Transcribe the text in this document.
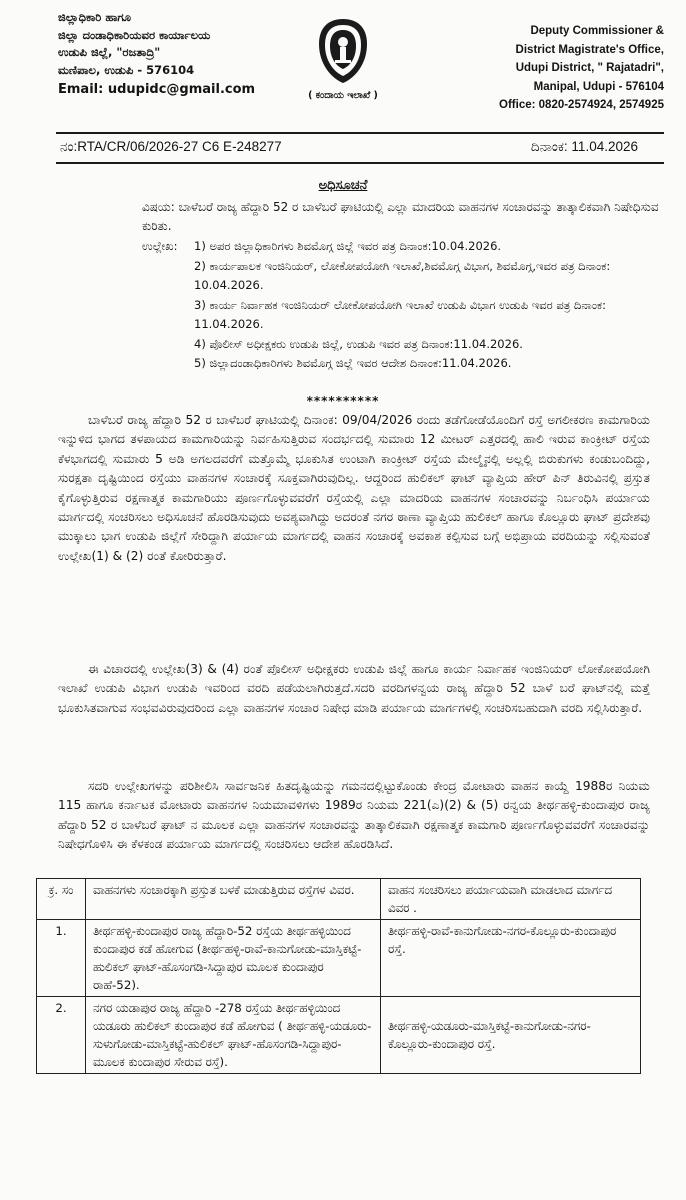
ಜಿಲ್ಲಾಧಿಕಾರಿ ಹಾಗೂ
ಜಿಲ್ಲಾ ದಂಡಾಧಿಕಾರಿಯವರ ಕಾರ್ಯಾಲಯ
ಉಡುಪಿ ಜಿಲ್ಲೆ, "ರಜತಾದ್ರಿ"
ಮಣಿಪಾಲ, ಉಡುಪಿ - 576104
Email: udupidc@gmail.com	( ಕಂದಾಯ ಇಲಾಖೆ )
Deputy Commissioner &
District Magistrate's Office,
Udupi District, " Rajatadri",
Manipal, Udupi - 576104
Office: 0820-2574924, 2574925
ನಂ:RTA/CR/06/2026-27 C6 E-248277	ದಿನಾಂಕ: 11.04.2026
ಅಧಿಸೂಚನೆ
ವಿಷಯ: ಬಾಳೆಬರೆ ರಾಜ್ಯ ಹೆದ್ದಾರಿ 52 ರ ಬಾಳೆಬರೆ ಘಾಟಿಯಲ್ಲಿ ಎಲ್ಲಾ ಮಾದರಿಯ ವಾಹನಗಳ ಸಂಚಾರವನ್ನು ತಾತ್ಕಾಲಿಕವಾಗಿ ನಿಷೇಧಿಸುವ ಕುರಿತು.
ಉಲ್ಲೇಖ: 1) ಅಪರ ಜಿಲ್ಲಾಧಿಕಾರಿಗಳು ಶಿವಮೊಗ್ಗ ಜಿಲ್ಲೆ ಇವರ ಪತ್ರ ದಿನಾಂಕ:10.04.2026.
2) ಕಾರ್ಯಪಾಲಕ ಇಂಜಿನಿಯರ್, ಲೋಕೋಪಯೋಗಿ ಇಲಾಖೆ,ಶಿವಮೊಗ್ಗ ವಿಭಾಗ, ಶಿವಮೊಗ್ಗ,ಇವರ ಪತ್ರ ದಿನಾಂಕ: 10.04.2026.
3) ಕಾರ್ಯ ನಿರ್ವಾಹಕ ಇಂಜಿನಿಯರ್ ಲೋಕೋಪಯೋಗಿ ಇಲಾಖೆ ಉಡುಪಿ ವಿಭಾಗ ಉಡುಪಿ ಇವರ ಪತ್ರ ದಿನಾಂಕ: 11.04.2026.
4) ಪೊಲೀಸ್ ಅಧೀಕ್ಷಕರು ಉಡುಪಿ ಜಿಲ್ಲೆ, ಉಡುಪಿ ಇವರ ಪತ್ರ ದಿನಾಂಕ:11.04.2026.
5) ಜಿಲ್ಲಾದಂಡಾಧಿಕಾರಿಗಳು ಶಿವಮೊಗ್ಗ ಜಿಲ್ಲೆ ಇವರ ಆದೇಶ ದಿನಾಂಕ:11.04.2026.
**********

ಬಾಳೆಬರೆ ರಾಜ್ಯ ಹೆದ್ದಾರಿ 52 ರ ಬಾಳೆಬರೆ ಘಾಟಿಯಲ್ಲಿ ದಿನಾಂಕ: 09/04/2026 ರಂದು ತಡೆಗೋಡೆಯೊಂದಿಗೆ ರಸ್ತೆ ಅಗಲೀಕರಣ ಕಾಮಗಾರಿಯ ಇನ್ನುಳಿದ ಭಾಗದ ತಳಪಾಯದ ಕಾಮಗಾರಿಯನ್ನು ನಿರ್ವಹಿಸುತ್ತಿರುವ ಸಂದರ್ಭದಲ್ಲಿ ಸುಮಾರು 12 ಮೀಟರ್ ಎತ್ತರದಲ್ಲಿ ಹಾಲಿ ಇರುವ ಕಾಂಕ್ರೀಟ್ ರಸ್ತೆಯ ಕೆಳಭಾಗದಲ್ಲಿ ಸುಮಾರು 5 ಅಡಿ ಅಗಲದವರೆಗೆ ಮತ್ತೊಮ್ಮೆ ಭೂಕುಸಿತ ಉಂಟಾಗಿ ಕಾಂಕ್ರೀಟ್ ರಸ್ತೆಯ ಮೇಲ್ಮೈನಲ್ಲಿ ಅಲ್ಲಲ್ಲಿ ಬಿರುಕುಗಳು ಕಂಡುಬಂದಿದ್ದು, ಸುರಕ್ಷತಾ ದೃಷ್ಟಿಯಿಂದ ರಸ್ತೆಯು ವಾಹನಗಳ ಸಂಚಾರಕ್ಕೆ ಸೂಕ್ತವಾಗಿರುವುದಿಲ್ಲ. ಆದ್ದರಿಂದ ಹುಲಿಕಲ್ ಘಾಟ್ ವ್ಯಾಪ್ತಿಯ ಹೇರ್ ಪಿನ್ ತಿರುವಿನಲ್ಲಿ ಪ್ರಸ್ತುತ ಕೈಗೊಳ್ಳುತ್ತಿರುವ ರಕ್ಷಣಾತ್ಮಕ ಕಾಮಗಾರಿಯು ಪೂರ್ಣಗೊಳ್ಳುವವರೆಗೆ ರಸ್ತೆಯಲ್ಲಿ ಎಲ್ಲಾ ಮಾದರಿಯ ವಾಹನಗಳ ಸಂಚಾರವನ್ನು ನಿರ್ಬಂಧಿಸಿ ಪರ್ಯಾಯ ಮಾರ್ಗದಲ್ಲಿ ಸಂಚರಿಸಲು ಅಧಿಸೂಚನೆ ಹೊರಡಿಸುವುದು ಅವಶ್ಯವಾಗಿದ್ದು ಅದರಂತೆ ನಗರ ಠಾಣಾ ವ್ಯಾಪ್ತಿಯ ಹುಲಿಕಲ್ ಹಾಗೂ ಕೊಲ್ಲೂರು ಘಾಟ್ ಪ್ರದೇಶವು ಮುಕ್ಕಾಲು ಭಾಗ ಉಡುಪಿ ಜಿಲ್ಲೆಗೆ ಸೇರಿದ್ದಾಗಿ ಪರ್ಯಾಯ ಮಾರ್ಗದಲ್ಲಿ ವಾಹನ ಸಂಚಾರಕ್ಕೆ ಅವಕಾಶ ಕಲ್ಪಿಸುವ ಬಗ್ಗೆ ಅಭಿಪ್ರಾಯ ವರದಿಯನ್ನು ಸಲ್ಲಿಸುವಂತೆ ಉಲ್ಲೇಖ(1) & (2) ರಂತೆ ಕೋರಿರುತ್ತಾರೆ.

ಈ ವಿಚಾರದಲ್ಲಿ ಉಲ್ಲೇಖ(3) & (4) ರಂತೆ ಪೊಲೀಸ್ ಅಧೀಕ್ಷಕರು ಉಡುಪಿ ಜಿಲ್ಲೆ ಹಾಗೂ ಕಾರ್ಯ ನಿರ್ವಾಹಕ ಇಂಜಿನಿಯರ್ ಲೋಕೋಪಯೋಗಿ ಇಲಾಖೆ ಉಡುಪಿ ವಿಭಾಗ ಉಡುಪಿ ಇವರಿಂದ ವರದಿ ಪಡೆಯಲಾಗಿರುತ್ತದೆ.ಸದರಿ ವರದಿಗಳನ್ವಯ ರಾಜ್ಯ ಹೆದ್ದಾರಿ 52 ಬಾಳೆ ಬರೆ ಘಾಟ್‌ನಲ್ಲಿ ಮತ್ತೆ ಭೂಕುಸಿತವಾಗುವ ಸಂಭವವಿರುವುದರಿಂದ ಎಲ್ಲಾ ವಾಹನಗಳ ಸಂಚಾರ ನಿಷೇಧ ಮಾಡಿ ಪರ್ಯಾಯ ಮಾರ್ಗಗಳಲ್ಲಿ ಸಂಚರಿಸಬಹುದಾಗಿ ವರದಿ ಸಲ್ಲಿಸಿರುತ್ತಾರೆ.

ಸದರಿ ಉಲ್ಲೇಖಗಳನ್ನು ಪರಿಶೀಲಿಸಿ ಸಾರ್ವಜನಿಕ ಹಿತದೃಷ್ಟಿಯನ್ನು ಗಮನದಲ್ಲಿಟ್ಟುಕೊಂಡು ಕೇಂದ್ರ ಮೋಟಾರು ವಾಹನ ಕಾಯ್ದೆ 1988ರ ನಿಯಮ 115 ಹಾಗೂ ಕರ್ನಾಟಕ ಮೋಟಾರು ವಾಹನಗಳ ನಿಯಮಾವಳಿಗಳು 1989ರ ನಿಯಮ 221(ಎ)(2) & (5) ರನ್ವಯ ತೀರ್ಥಹಳ್ಳಿ-ಕುಂದಾಪುರ ರಾಜ್ಯ ಹೆದ್ದಾರಿ 52 ರ ಬಾಳೆಬರೆ ಘಾಟ್ ನ ಮೂಲಕ ಎಲ್ಲಾ ವಾಹನಗಳ ಸಂಚಾರವನ್ನು ತಾತ್ಕಾಲಿಕವಾಗಿ ರಕ್ಷಣಾತ್ಮಕ ಕಾಮಗಾರಿ ಪೂರ್ಣಗೊಳ್ಳುವವರೆಗೆ ಸಂಚಾರವನ್ನು ನಿಷೇಧಗೊಳಿಸಿ ಈ ಕೆಳಕಂಡ ಪರ್ಯಾಯ ಮಾರ್ಗದಲ್ಲಿ ಸಂಚರಿಸಲು ಆದೇಶ ಹೊರಡಿಸಿದೆ.

ಕ್ರ. ಸಂ	ವಾಹನಗಳು ಸಂಚಾರಕ್ಕಾಗಿ ಪ್ರಸ್ತುತ ಬಳಕೆ ಮಾಡುತ್ತಿರುವ ರಸ್ತೆಗಳ ವಿವರ.	ವಾಹನ ಸಂಚರಿಸಲು ಪರ್ಯಾಯವಾಗಿ ಮಾಡಲಾದ ಮಾರ್ಗದ ವಿವರ .
1.	ತೀರ್ಥಹಳ್ಳಿ-ಕುಂದಾಪುರ ರಾಜ್ಯ ಹೆದ್ದಾರಿ-52 ರಸ್ತೆಯ ತೀರ್ಥಹಳ್ಳಿಯಿಂದ ಕುಂದಾಪುರ ಕಡೆ ಹೋಗುವ (ತೀರ್ಥಹಳ್ಳಿ-ರಾವೆ-ಕಾನುಗೋಡು-ಮಾಸ್ತಿಕಟ್ಟೆ-ಹುಲಿಕಲ್ ಘಾಟ್-ಹೊಸಂಗಡಿ-ಸಿದ್ದಾಪುರ ಮೂಲಕ ಕುಂದಾಪುರ ರಾಹೆ-52).	ತೀರ್ಥಹಳ್ಳಿ-ರಾವೆ-ಕಾನುಗೋಡು-ನಗರ-ಕೊಲ್ಲೂರು-ಕುಂದಾಪುರ ರಸ್ತೆ.
2.	ನಗರ ಯಡಾಪುರ ರಾಜ್ಯ ಹೆದ್ದಾರಿ -278 ರಸ್ತೆಯ ತೀರ್ಥಹಳ್ಳಿಯಿಂದ ಯಡೂರು ಹುಲಿಕಲ್ ಕುಂದಾಪುರ ಕಡೆ ಹೋಗುವ ( ತೀರ್ಥಹಳ್ಳಿ-ಯಡೂರು-ಸುಳುಗೋಡು-ಮಾಸ್ತಿಕಟ್ಟೆ-ಹುಲಿಕಲ್ ಘಾಟ್-ಹೊಸಂಗಡಿ-ಸಿದ್ದಾಪುರ-ಮೂಲಕ ಕುಂದಾಪುರ ಸೇರುವ ರಸ್ತೆ).	ತೀರ್ಥಹಳ್ಳಿ-ಯಡೂರು-ಮಾಸ್ತಿಕಟ್ಟೆ-ಕಾನುಗೋಡು-ನಗರ-ಕೊಲ್ಲೂರು-ಕುಂದಾಪುರ ರಸ್ತೆ.
